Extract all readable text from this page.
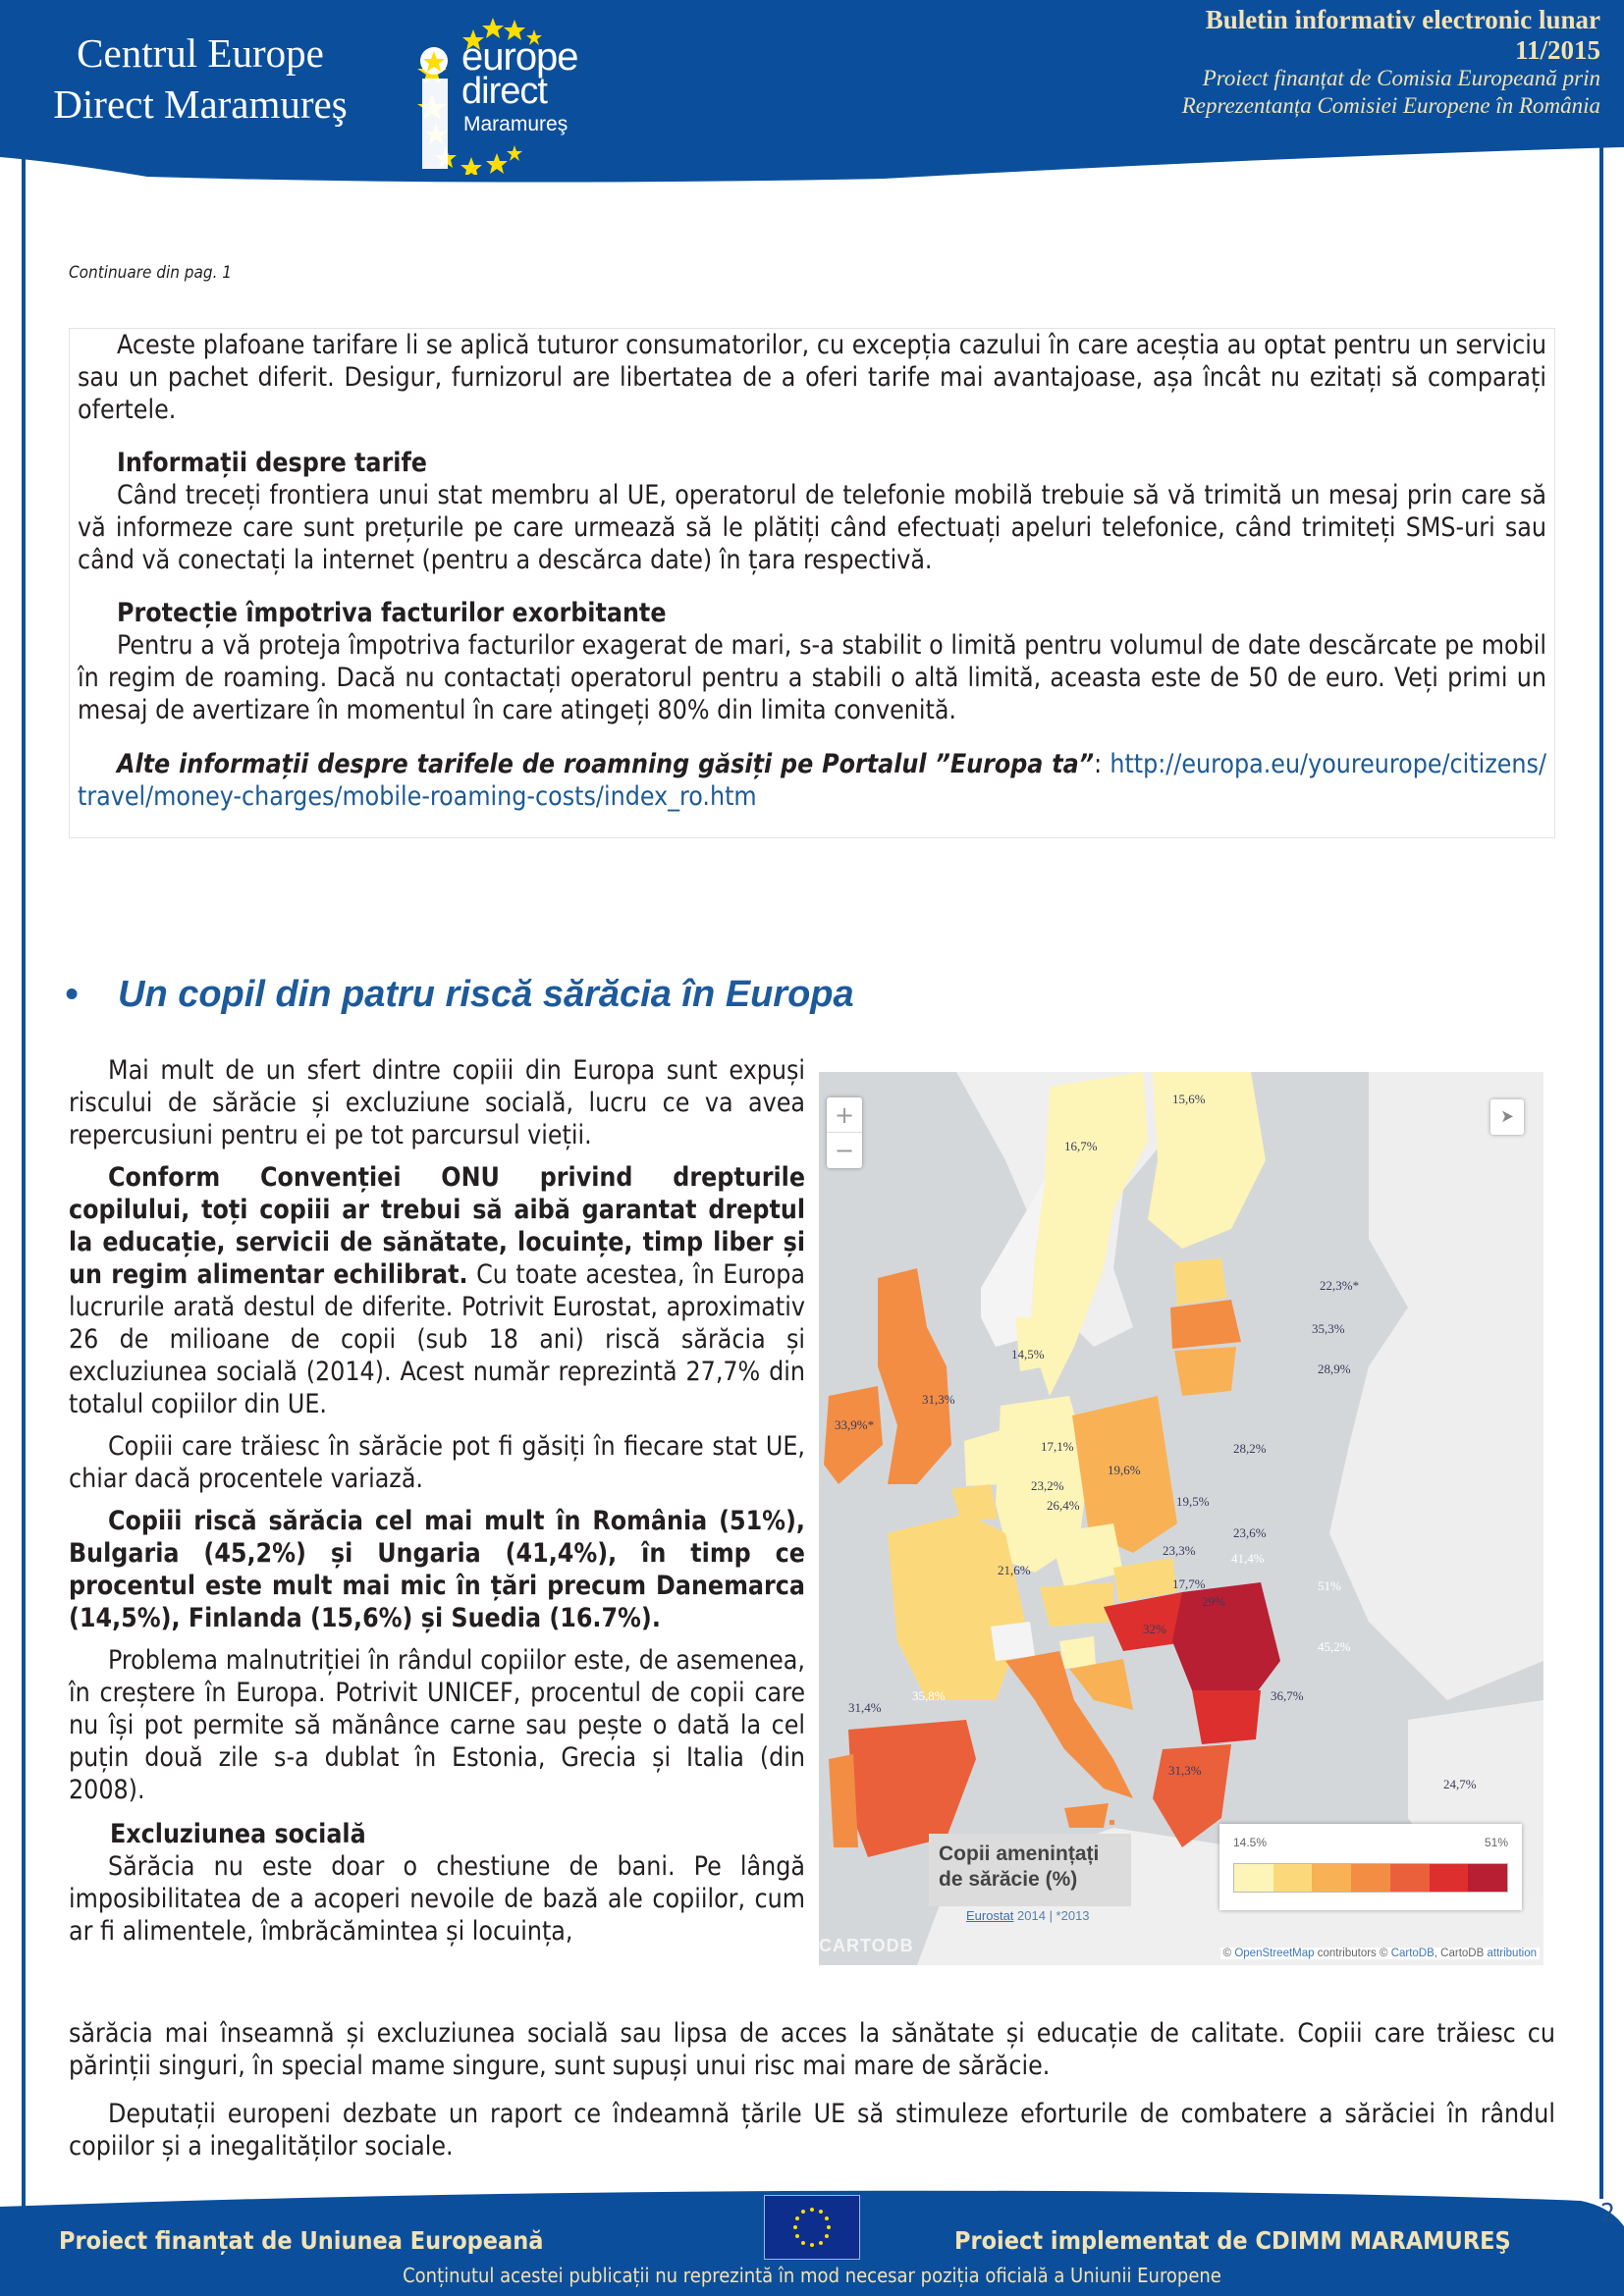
Centrul Europe
Direct Maramureş
europe
direct
Maramureş
Buletin informativ electronic lunar
11/2015
Proiect finanțat de Comisia Europeană prin
Reprezentanța Comisiei Europene în România
Continuare din pag. 1

Aceste plafoane tarifare li se aplică tuturor consumatorilor, cu excepția cazului în care aceștia au optat pentru un serviciu sau un pachet diferit. Desigur, furnizorul are libertatea de a oferi tarife mai avantajoase, așa încât nu ezitați să comparați ofertele.

Informații despre tarife

Când treceți frontiera unui stat membru al UE, operatorul de telefonie mobilă trebuie să vă trimită un mesaj prin care să vă informeze care sunt prețurile pe care urmează să le plătiți când efectuați apeluri telefonice, când trimiteți SMS-uri sau când vă conectați la internet (pentru a descărca date) în țara respectivă.

Protecție împotriva facturilor exorbitante

Pentru a vă proteja împotriva facturilor exagerat de mari, s-a stabilit o limită pentru volumul de date descărcate pe mobil în regim de roaming. Dacă nu contactați operatorul pentru a stabili o altă limită, aceasta este de 50 de euro. Veți primi un mesaj de avertizare în momentul în care atingeți 80% din limita convenită.

Alte informații despre tarifele de roamning găsiți pe Portalul ”Europa ta”: http://europa.eu/youreurope/citizens/travel/money-charges/mobile-roaming-costs/index_ro.htm

• Un copil din patru riscă sărăcia în Europa

Mai mult de un sfert dintre copiii din Europa sunt expuși riscului de sărăcie și excluziune socială, lucru ce va avea repercusiuni pentru ei pe tot parcursul vieții.

Conform Convenției ONU privind drepturile copilului, toți copiii ar trebui să aibă garantat dreptul la educație, servicii de sănătate, locuințe, timp liber și un regim alimentar echilibrat. Cu toate acestea, în Europa lucrurile arată destul de diferite. Potrivit Eurostat, aproximativ 26 de milioane de copii (sub 18 ani) riscă sărăcia și excluziunea socială (2014). Acest număr reprezintă 27,7% din totalul copiilor din UE.

Copiii care trăiesc în sărăcie pot fi găsiți în fiecare stat UE, chiar dacă procentele variază.

Copiii riscă sărăcia cel mai mult în România (51%), Bulgaria (45,2%) și Ungaria (41,4%), în timp ce procentul este mult mai mic în țări precum Danemarca (14,5%), Finlanda (15,6%) și Suedia (16.7%).

Problema malnutriției în rândul copiilor este, de asemenea, în creștere în Europa. Potrivit UNICEF, procentul de copii care nu își pot permite să mănânce carne sau pește o dată la cel puțin două zile s-a dublat în Estonia, Grecia și Italia (din 2008).

Excluziunea socială

Sărăcia nu este doar o chestiune de bani. Pe lângă imposibilitatea de a acoperi nevoile de bază ale copiilor, cum ar fi alimentele, îmbrăcămintea și locuința,

sărăcia mai înseamnă și excluziunea socială sau lipsa de acces la sănătate și educație de calitate. Copiii care trăiesc cu părinții singuri, în special mame singure, sunt supuși unui risc mai mare de sărăcie.

Deputații europeni dezbate un raport ce îndeamnă țările UE să stimuleze eforturile de combatere a sărăciei în rândul copiilor și a inegalităților sociale.

+
−
➤
15,6%
16,7%
22,3%*
35,3%
28,9%
14,5%
33,9%*
31,3%
17,1%
19,6%
28,2%
23,2%
26,4%	19,5%
23,6%
23,3%
41,4%
21,6%
17,7%
29%
51%
32%
45,2%
35,8%
31,4%
36,7%
31,3%
24,7%
Copii amenințați de sărăcie (%)
Eurostat 2014 | *2013
CARTODB
14.5%	51%
© OpenStreetMap contributors © CartoDB, CartoDB attribution
Proiect finanțat de Uniunea Europeană	Proiect implementat de CDIMM MARAMUREŞ
Conținutul acestei publicații nu reprezintă în mod necesar poziția oficială a Uniunii Europene
2
